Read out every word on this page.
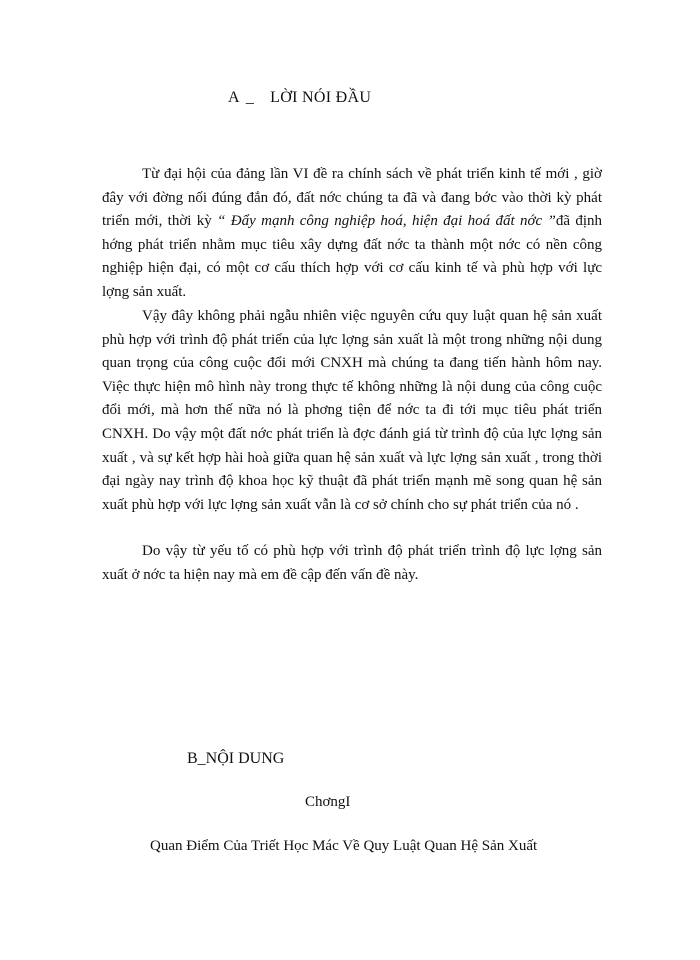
A _ LỜI NÓI ĐẦU

Từ đại hội của đảng lần VI đề ra chính sách về phát triển kinh tế mới , giờ đây với đờng nối đúng đắn đó, đất nớc chúng ta đã và đang bớc vào thời kỳ phát triển mới, thời kỳ “ Đẩy mạnh công nghiệp hoá, hiện đại hoá đất nớc ”đã định hớng phát triển nhằm mục tiêu xây dựng đất nớc ta thành một nớc có nền công nghiệp hiện đại, có một cơ cấu thích hợp với cơ cấu kinh tế và phù hợp với lực lợng sản xuất.

Vậy đây không phải ngẫu nhiên việc nguyên cứu quy luật quan hệ sản xuất phù hợp với trình độ phát triển của lực lợng sản xuất là một trong những nội dung quan trọng của công cuộc đổi mới CNXH mà chúng ta đang tiến hành hôm nay. Việc thực hiện mô hình này trong thực tế không những là nội dung của công cuộc đổi mới, mà hơn thế nữa nó là phơng tiện để nớc ta đi tới mục tiêu phát triển CNXH. Do vậy một đất nớc phát triển là đợc đánh giá từ trình độ của lực lợng sản xuất , và sự kết hợp hài hoà giữa quan hệ sản xuất và lực lợng sản xuất , trong thời đại ngày nay trình độ khoa học kỹ thuật đã phát triển mạnh mẽ song quan hệ sản xuất phù hợp với lực lợng sản xuất vẫn là cơ sở chính cho sự phát triển của nó .

Do vậy từ yếu tố có phù hợp với trình độ phát triển trình độ lực lợng sản xuất ở nớc ta hiện nay mà em đề cập đến vấn đề này.

B_NỘI DUNG
ChơngI
Quan Điểm Của Triết Học Mác Về Quy Luật Quan Hệ Sản Xuất
